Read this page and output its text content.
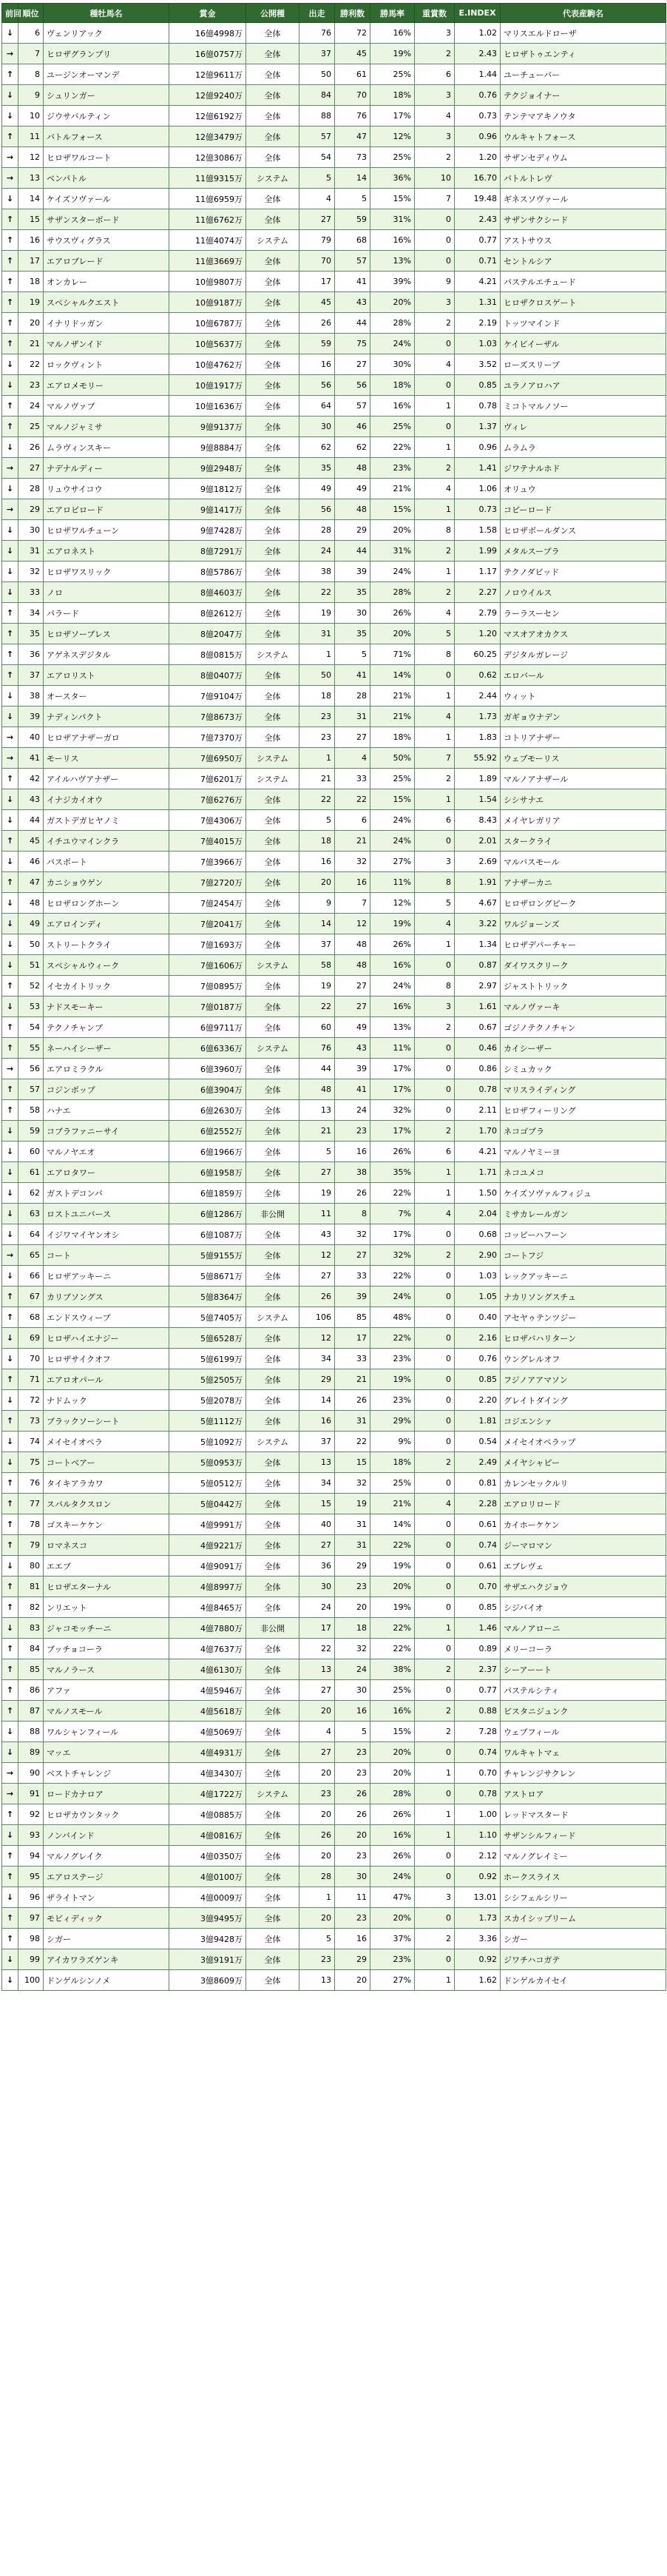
前回	順位	種牡馬名	賞金	公開種	出走	勝利数	勝馬率	重賞数	E.INDEX	代表産駒名
↓	6	ヴェンリアック	16億4998万	全体	76	72	16%	3	1.02	マリスエルドローザ
→	7	ヒロザグランプリ	16億0757万	全体	37	45	19%	2	2.43	ヒロザトゥエンティ
↑	8	ユージンオーマンデ	12億9611万	全体	50	61	25%	6	1.44	ユーチューバー
↓	9	シュリンガー	12億9240万	全体	84	70	18%	3	0.76	テクジョイナー
↓	10	ジウサバルティン	12億6192万	全体	88	76	17%	4	0.73	テンテマアキノウタ
↑	11	バトルフォース	12億3479万	全体	57	47	12%	3	0.96	ウルキャトフォース
→	12	ヒロザワルコート	12億3086万	全体	54	73	25%	2	1.20	サザンセディウム
→	13	ベンパトル	11億9315万	システム	5	14	36%	10	16.70	バトルトレヴ
↓	14	ケイズソヴァール	11億6959万	全体	4	5	15%	7	19.48	ギネスソヴァール
↑	15	サザンスターボード	11億6762万	全体	27	59	31%	0	2.43	サザンサクシード
↑	16	サウスヴィグラス	11億4074万	システム	79	68	16%	0	0.77	アストサウス
↑	17	エアロブレード	11億3669万	全体	70	57	13%	0	0.71	セントルシア
↑	18	オンカレー	10億9807万	全体	17	41	39%	9	4.21	パステルエチュード
↑	19	スペシャルクエスト	10億9187万	全体	45	43	20%	3	1.31	ヒロザクロスゲート
↑	20	イナリドッガン	10億6787万	全体	26	44	28%	2	2.19	トッツマインド
↑	21	マルノザンイド	10億5637万	全体	59	75	24%	0	1.03	ケイビイーザル
↓	22	ロックヴィント	10億4762万	全体	16	27	30%	4	3.52	ローズスリープ
↓	23	エアロメモリー	10億1917万	全体	56	56	18%	0	0.85	ユラノアロハア
↑	24	マルノヴァブ	10億1636万	全体	64	57	16%	1	0.78	ミコトマルノソー
↑	25	マルノジャミサ	9億9137万	全体	30	46	25%	0	1.37	ヴィレ
↓	26	ムラヴィンスキー	9億8884万	全体	62	62	22%	1	0.96	ムラムラ
→	27	ナデナルディー	9億2948万	全体	35	48	23%	2	1.41	ジワテナルホド
↓	28	リュウサイコウ	9億1812万	全体	49	49	21%	4	1.06	オリュウ
→	29	エアロピロード	9億1417万	全体	56	48	15%	1	0.73	コピーロード
↓	30	ヒロザワルチューン	9億7428万	全体	28	29	20%	8	1.58	ヒロザボールダンス
↓	31	エアロネスト	8億7291万	全体	24	44	31%	2	1.99	メタルスープラ
↓	32	ヒロザワスリック	8億5786万	全体	38	39	24%	1	1.17	テクノダビッド
↓	33	ノロ	8億4603万	全体	22	35	28%	2	2.27	ノロウイルス
↑	34	パラード	8億2612万	全体	19	30	26%	4	2.79	ラーラスーセン
↑	35	ヒロザソーブレス	8億2047万	全体	31	35	20%	5	1.20	マスオアオカクス
↑	36	アゲネスデジタル	8億0815万	システム	1	5	71%	8	60.25	デジタルガレージ
↑	37	エアロリスト	8億0407万	全体	50	41	14%	0	0.62	エロバール
↓	38	オースター	7億9104万	全体	18	28	21%	1	2.44	ウィット
↓	39	ナディンパクト	7億8673万	全体	23	31	21%	4	1.73	ガギョウナデン
→	40	ヒロザアナザーガロ	7億7370万	全体	23	27	18%	1	1.83	コトリアナザー
→	41	モーリス	7億6950万	システム	1	4	50%	7	55.92	ウェブモーリス
↑	42	アイルハヴアナザー	7億6201万	システム	21	33	25%	2	1.89	マルノアナザール
↓	43	イナジカイオウ	7億6276万	全体	22	22	15%	1	1.54	シシサナエ
↓	44	ガストデガヒヤノミ	7億4306万	全体	5	6	24%	6	8.43	メイヤレガリア
↑	45	イチユウマインクラ	7億4015万	全体	18	21	24%	0	2.01	スタークライ
↓	46	パスポート	7億3966万	全体	16	32	27%	3	2.69	マルバスモール
↑	47	カニショウゲン	7億2720万	全体	20	16	11%	8	1.91	アナザーカニ
↓	48	ヒロザロングホーン	7億2454万	全体	9	7	12%	5	4.67	ヒロザロングピーク
↓	49	エアロインディ	7億2041万	全体	14	12	19%	4	3.22	ワルジョーンズ
↓	50	ストリートクライ	7億1693万	全体	37	48	26%	1	1.34	ヒロザデパーチャー
↓	51	スペシャルウィーク	7億1606万	システム	58	48	16%	0	0.87	ダイワスクリーク
↑	52	イセカイトリック	7億0895万	全体	19	27	24%	8	2.97	ジャストトリック
↓	53	ナドスモーキー	7億0187万	全体	22	27	16%	3	1.61	マルノヴァーキ
↑	54	テクノチャンプ	6億9711万	全体	60	49	13%	2	0.67	ゴジノテクノチャン
↑	55	ネーハイシーザー	6億6336万	システム	76	43	11%	0	0.46	カイシーザー
→	56	エアロミラクル	6億3960万	全体	44	39	17%	0	0.86	シミュカック
↑	57	コジンボップ	6億3904万	全体	48	41	17%	0	0.78	マリスライディング
↑	58	ハナエ	6億2630万	全体	13	24	32%	0	2.11	ヒロザフィーリング
↓	59	コブラファニーサイ	6億2552万	全体	21	23	17%	2	1.70	ネコゴブラ
↓	60	マルノヤエオ	6億1966万	全体	5	16	26%	6	4.21	マルノヤミーヨ
↓	61	エアロタワー	6億1958万	全体	27	38	35%	1	1.71	ネコユメコ
↓	62	ガストデコンバ	6億1859万	全体	19	26	22%	1	1.50	ケイズソヴァルフィジュ
↓	63	ロストユニバース	6億1286万	非公開	11	8	7%	4	2.04	ミサカレールガン
↓	64	イジワマイヤンオシ	6億1087万	全体	43	32	17%	0	0.68	コッピーハフーン
→	65	コート	5億9155万	全体	12	27	32%	2	2.90	コートフジ
↓	66	ヒロザアッキーニ	5億8671万	全体	27	33	22%	0	1.03	レックアッキーニ
↑	67	カリブソングス	5億8364万	全体	26	39	24%	0	1.05	ナカリソングスチュ
↑	68	エンドスウィープ	5億7405万	システム	106	85	48%	0	0.40	アセヤゥテンツジー
↓	69	ヒロザハイエナジー	5億6528万	全体	12	17	22%	0	2.16	ヒロザバハリターン
↓	70	ヒロザサイクオフ	5億6199万	全体	34	33	23%	0	0.76	ウングレルオフ
↑	71	エアロオパール	5億2505万	全体	29	21	19%	0	0.85	フジノアアマソン
↓	72	ナドムック	5億2078万	全体	14	26	23%	0	2.20	グレイトダイング
↑	73	ブラックソーシート	5億1112万	全体	16	31	29%	0	1.81	コジエンシァ
↓	74	メイセイオペラ	5億1092万	システム	37	22	9%	0	0.54	メイセイオペラップ
↓	75	コートベアー	5億0953万	全体	13	15	18%	2	2.49	メイヤシャピー
↑	76	タイキアラカワ	5億0512万	全体	34	32	25%	0	0.81	カレンセックルリ
↑	77	スパルタクスロン	5億0442万	全体	15	19	21%	4	2.28	エアロリロード
↑	78	ゴスキーケケン	4億9991万	全体	40	31	14%	0	0.61	カイホーケケン
↑	79	ロマネスコ	4億9221万	全体	27	31	22%	0	0.74	ジーマロマン
↓	80	エエブ	4億9091万	全体	36	29	19%	0	0.61	エブレヴェ
↑	81	ヒロザエターナル	4億8997万	全体	30	23	20%	0	0.70	サザエハクジョウ
↑	82	ンリエット	4億8465万	全体	24	20	19%	0	0.85	シジバイオ
↓	83	ジャコモッチーニ	4億7880万	非公開	17	18	22%	1	1.46	マルノアローニ
↑	84	ブッチョコーラ	4億7637万	全体	22	32	22%	0	0.89	メリーコーラ
↑	85	マルノラース	4億6130万	全体	13	24	38%	2	2.37	シーアーート
↑	86	アファ	4億5946万	全体	27	30	25%	0	0.77	パステルシティ
↑	87	マルノスモール	4億5618万	全体	20	16	16%	2	0.88	ビスタニジュンク
↓	88	ワルシャンフィール	4億5069万	全体	4	5	15%	2	7.28	ウェブフィール
↓	89	マッエ	4億4931万	全体	27	23	20%	0	0.74	ワルキャトマェ
→	90	ベストチャレンジ	4億3430万	全体	20	23	20%	1	0.70	チャレンジサクレン
→	91	ロードカナロア	4億1722万	システム	23	26	28%	0	0.78	アストロア
↑	92	ヒロザカウンタック	4億0885万	全体	20	26	26%	1	1.00	レッドマスタード
↓	93	ノンバインド	4億0816万	全体	26	20	16%	1	1.10	サザンシルフィード
↑	94	マルノグレイク	4億0350万	全体	20	23	26%	0	2.12	マルノグレイミー
↑	95	エアロステージ	4億0100万	全体	28	30	24%	0	0.92	ホークスライス
↓	96	ザライトマン	4億0009万	全体	1	11	47%	3	13.01	シシフェルシリー
↑	97	モビィディック	3億9495万	全体	20	23	20%	0	1.73	スカイシップリーム
↑	98	シガー	3億9428万	全体	5	16	37%	2	3.36	シガー
↓	99	アイカワラズゲンキ	3億9191万	全体	23	29	23%	0	0.92	ジワチハコガテ
↓	100	ドンゲルシンノメ	3億8609万	全体	13	20	27%	1	1.62	ドンゲルカイセイ
